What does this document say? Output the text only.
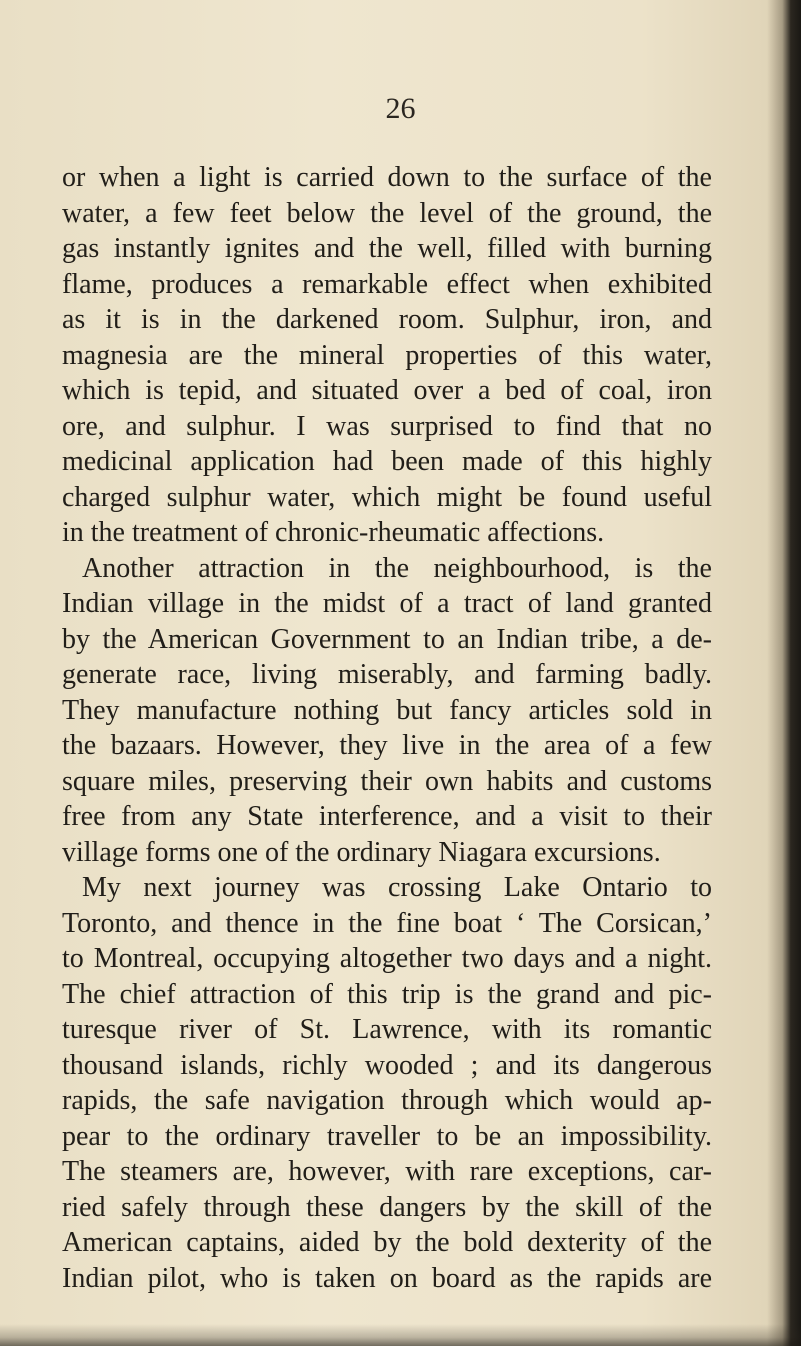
26
or when a light is carried down to the surface of the
water, a few feet below the level of the ground, the
gas instantly ignites and the well, filled with burning
flame, produces a remarkable effect when exhibited
as it is in the darkened room. Sulphur, iron, and
magnesia are the mineral properties of this water,
which is tepid, and situated over a bed of coal, iron
ore, and sulphur. I was surprised to find that no
medicinal application had been made of this highly
charged sulphur water, which might be found useful
in the treatment of chronic-rheumatic affections.
Another attraction in the neighbourhood, is the
Indian village in the midst of a tract of land granted
by the American Government to an Indian tribe, a de-
generate race, living miserably, and farming badly.
They manufacture nothing but fancy articles sold in
the bazaars. However, they live in the area of a few
square miles, preserving their own habits and customs
free from any State interference, and a visit to their
village forms one of the ordinary Niagara excursions.
My next journey was crossing Lake Ontario to
Toronto, and thence in the fine boat ‘ The Corsican,’
to Montreal, occupying altogether two days and a night.
The chief attraction of this trip is the grand and pic-
turesque river of St. Lawrence, with its romantic
thousand islands, richly wooded ; and its dangerous
rapids, the safe navigation through which would ap-
pear to the ordinary traveller to be an impossibility.
The steamers are, however, with rare exceptions, car-
ried safely through these dangers by the skill of the
American captains, aided by the bold dexterity of the
Indian pilot, who is taken on board as the rapids are
